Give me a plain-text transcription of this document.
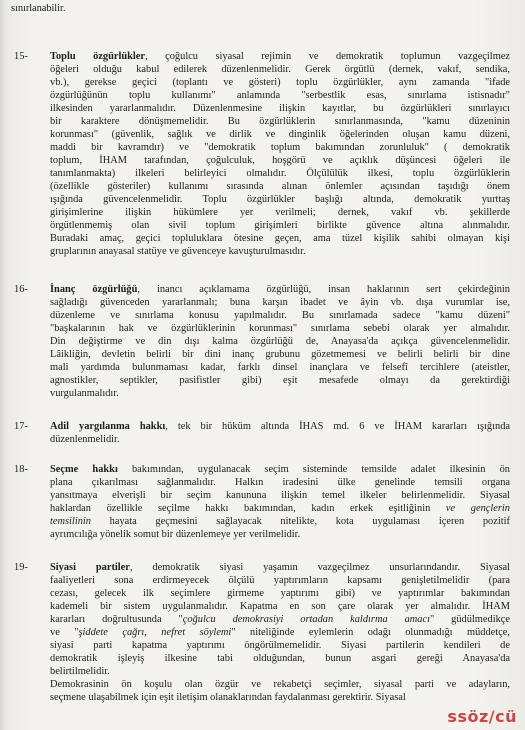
sınırlanabilir.
15- Toplu özgürlükler, çoğulcu siyasal rejimin ve demokratik toplumun vazgeçilmez
öğeleri olduğu kabul edilerek düzenlenmelidir. Gerek örgütlü (dernek, vakıf, sendika,
vb.), gerekse geçici (toplantı ve gösteri) toplu özgürlükler, aynı zamanda "ifade
özgürlüğünün toplu kullanımı" anlamında "serbestlik esas, sınırlama istisnadır"
ilkesinden yararlanmalıdır. Düzenlenmesine ilişkin kayıtlar, bu özgürlükleri sınırlayıcı
bir karaktere dönüşmemelidir. Bu özgürlüklerin sınırlanmasında, "kamu düzeninin
korunması" (güvenlik, sağlık ve dirlik ve dinginlik öğelerinden oluşan kamu düzeni,
maddi bir kavramdır) ve "demokratik toplum bakımından zorunluluk" ( demokratik
toplum, İHAM tarafından, çoğulculuk, hoşgörü ve açıklık düşüncesi öğeleri ile
tanımlanmakta) ilkeleri belirleyici olmalıdır. Ölçülülük ilkesi, toplu özgürlüklerin
(özellikle gösteriler) kullanımı sırasında alınan önlemler açısından taşıdığı önem
ışığında güvencelenmelidir. Toplu özgürlükler başlığı altında, demokratik yurttaş
girişimlerine ilişkin hükümlere yer verilmeli; dernek, vakıf vb. şekillerde
örgütlenmemiş olan sivil toplum girişimleri birlikte güvence altına alınmalıdır.
Buradaki amaç, geçici topluluklara ötesine geçen, ama tüzel kişilik sahibi olmayan kişi
gruplarının anayasal statüye ve güvenceye kavuşturulmasıdır.
16- İnanç özgürlüğü, inancı açıklamama özgürlüğü, insan haklarının sert çekirdeğinin
sağladığı güvenceden yararlanmalı; buna karşın ibadet ve âyin vb. dışa vurumlar ise,
düzenleme ve sınırlama konusu yapılmalıdır. Bu sınırlamada sadece "kamu düzeni"
"başkalarının hak ve özgürlüklerinin korunması" sınırlama sebebi olarak yer almalıdır.
Din değiştirme ve din dışı kalma özgürlüğü de, Anayasa'da açıkça güvencelenmelidir.
Lâikliğin, devletin belirli bir dini inanç grubunu gözetmemesi ve belirli belirli bir dine
mali yardımda bulunmaması kadar, farklı dinsel inançlara ve felsefî tercihlere (ateistler,
agnostikler, septikler, pasifistler gibi) eşit mesafede olmayı da gerektirdiği
vurgulanmalıdır.
17- Adil yargılanma hakkı, tek bir hüküm altında İHAS md. 6 ve İHAM kararları ışığında
düzenlenmelidir.
18- Seçme hakkı bakımından, uygulanacak seçim sisteminde temsilde adalet ilkesinin ön
plana çıkarılması sağlanmalıdır. Halkın iradesini ülke genelinde temsili organa
yansıtmaya elverişli bir seçim kanununa ilişkin temel ilkeler belirlenmelidir. Siyasal
haklardan özellikle seçilme hakkı bakımından, kadın erkek eşitliğinin ve gençlerin
temsilinin hayata geçmesini sağlayacak nitelikte, kota uygulaması içeren pozitif
ayrımcılığa yönelik somut bir düzenlemeye yer verilmelidir.
19- Siyasi partiler, demokratik siyasi yaşamın vazgeçilmez unsurlarındandır. Siyasal
faaliyetleri sona erdirmeyecek ölçülü yaptırımların kapsamı genişletilmelidir (para
cezası, gelecek ilk seçimlere girmeme yaptırımı gibi) ve yaptırımlar bakımından
kademeli bir sistem uygulanmalıdır. Kapatma en son çare olarak yer almalıdır. İHAM
kararları doğrultusunda "çoğulcu demokrasiyi ortadan kaldırma amacı" güdülmedikçe
ve "şiddete çağrı, nefret söylemi" niteliğinde eylemlerin odağı olunmadığı müddetçe,
siyasi parti kapatma yaptırımı öngörülmemelidir. Siyasi partilerin kendileri de
demokratik işleyiş ilkesine tabi olduğundan, bunun asgari gereği Anayasa'da
belirtilmelidir.
Demokrasinin ön koşulu olan özgür ve rekabetçi seçimler, siyasal parti ve adayların,
seçmene ulaşabilmek için eşit iletişim olanaklarından faydalanması gerektirir. Siyasal
ssöz/cü
